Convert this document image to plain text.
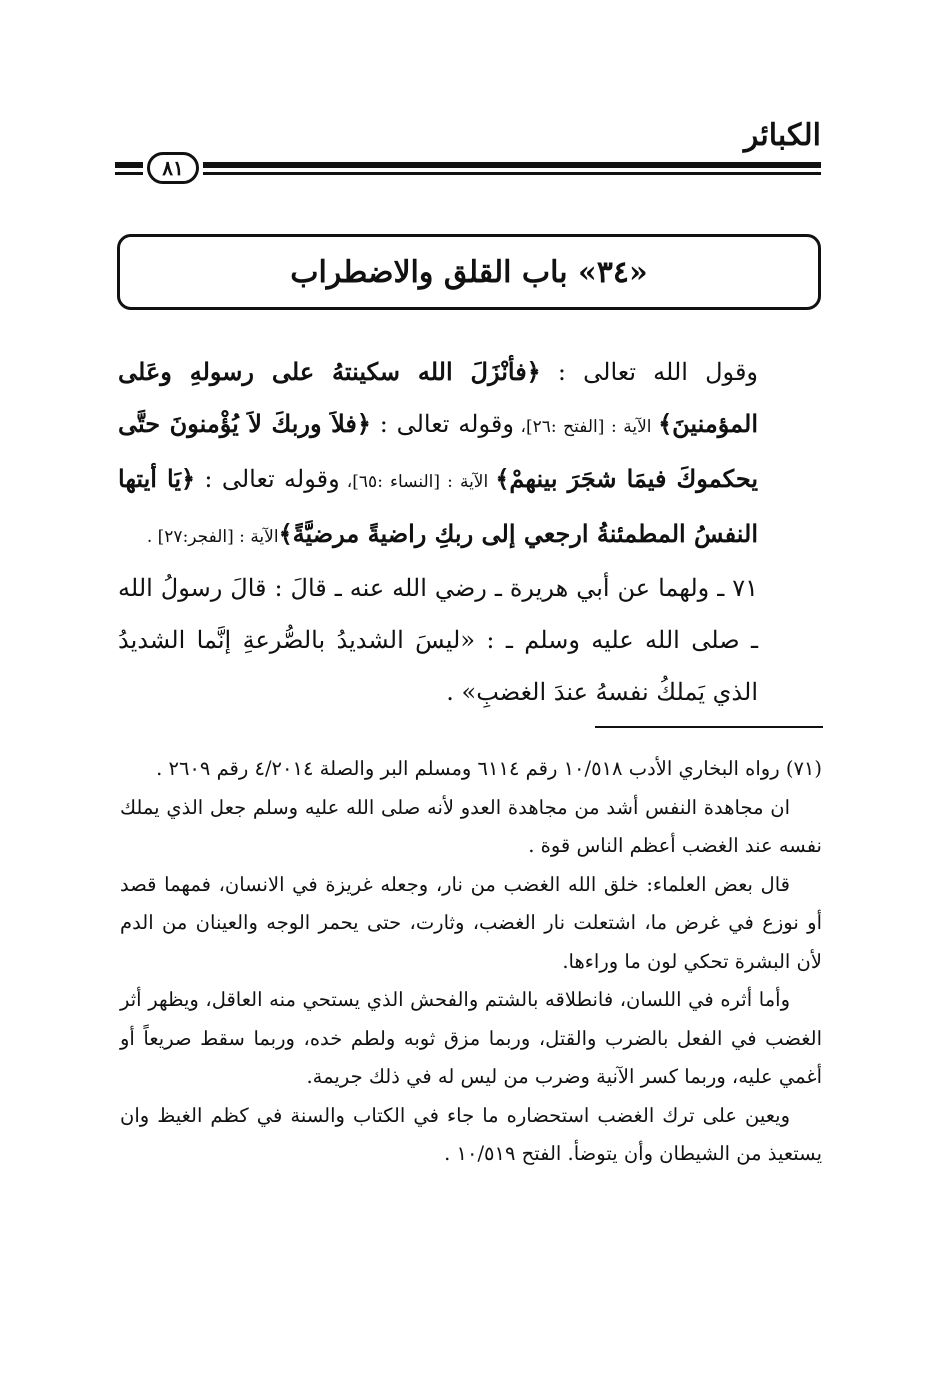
الكبائر
٨١
«٣٤» باب القلق والاضطراب
وقول الله تعالى : ﴿فأنْزَلَ الله سكينتهُ على رسولهِ وعَلى المؤمنينَ﴾ الآية : [الفتح :٢٦]، وقوله تعالى : ﴿فلاَ وربكَ لاَ يُؤْمنونَ حتَّى يحكموكَ فيمَا شجَرَ بينهمْ﴾ الآية : [النساء :٦٥]، وقوله تعالى : ﴿يَا أيتها النفسُ المطمئنةُ ارجعي إلى ربكِ راضيةً مرضيَّةً﴾الآية : [الفجر:٢٧] .
٧١ ـ ولهما عن أبي هريرة ـ رضي الله عنه ـ قالَ : قالَ رسولُ الله ـ صلى الله عليه وسلم ـ : «ليسَ الشديدُ بالصُّرعةِ إنَّما الشديدُ الذي يَملكُ نفسهُ عندَ الغضبِ» .

(٧١) رواه البخاري الأدب ١٠/٥١٨ رقم ٦١١٤ ومسلم البر والصلة ٤/٢٠١٤ رقم ٢٦٠٩ .

ان مجاهدة النفس أشد من مجاهدة العدو لأنه صلى الله عليه وسلم جعل الذي يملك نفسه عند الغضب أعظم الناس قوة .

قال بعض العلماء: خلق الله الغضب من نار، وجعله غريزة في الانسان، فمهما قصد أو نوزع في غرض ما، اشتعلت نار الغضب، وثارت، حتى يحمر الوجه والعينان من الدم لأن البشرة تحكي لون ما وراءها.

وأما أثره في اللسان، فانطلاقه بالشتم والفحش الذي يستحي منه العاقل، ويظهر أثر الغضب في الفعل بالضرب والقتل، وربما مزق ثوبه ولطم خده، وربما سقط صريعاً أو أغمي عليه، وربما كسر الآنية وضرب من ليس له في ذلك جريمة.

ويعين على ترك الغضب استحضاره ما جاء في الكتاب والسنة في كظم الغيظ وان يستعيذ من الشيطان وأن يتوضأ. الفتح ١٠/٥١٩ .
